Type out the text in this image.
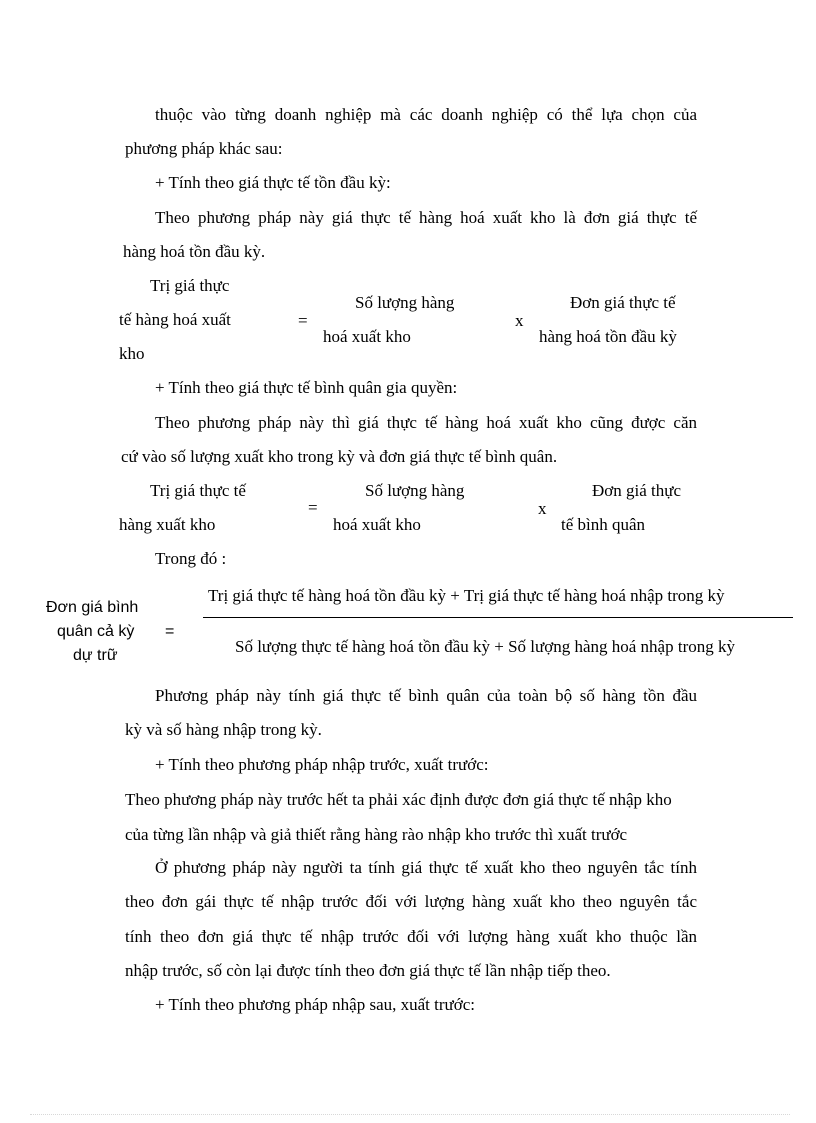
thuộc vào từng doanh nghiệp mà các doanh nghiệp có thể lựa chọn của
phương pháp khác sau:
+ Tính theo giá thực tế tồn đầu kỳ:
Theo phương pháp này giá thực tế hàng hoá xuất kho là đơn giá thực tế
hàng hoá tồn đầu kỳ.
Trị giá thực
tế hàng hoá xuất
kho
=
Số lượng hàng
hoá xuất kho
x
Đơn giá thực tế
hàng hoá tồn đầu kỳ
+ Tính theo giá thực tế bình quân gia quyền:
Theo phương pháp này thì giá thực tế hàng hoá xuất kho cũng được căn
cứ vào số lượng xuất kho trong kỳ và đơn giá thực tế bình quân.
Trị giá thực tế
hàng xuất kho
=
Số lượng hàng
hoá xuất kho
x
Đơn giá thực
tế bình quân
Trong đó :
Đơn giá bình
quân cả kỳ
dự trữ
=
Trị giá thực tế hàng hoá tồn đầu kỳ + Trị giá thực tế hàng hoá nhập trong kỳ
Số lượng thực tế hàng hoá tồn đầu kỳ + Số lượng hàng hoá nhập trong kỳ
Phương pháp này tính giá thực tế bình quân của toàn bộ số hàng tồn đầu
kỳ và số hàng nhập trong kỳ.
+ Tính theo phương pháp nhập trước, xuất trước:
Theo phương pháp này trước hết ta phải xác định được đơn giá thực tế nhập kho
của từng lần nhập và giả thiết rằng hàng rào nhập kho trước thì xuất trước
Ở phương pháp này người ta tính giá thực tế xuất kho theo nguyên tắc tính
theo đơn gái thực tế nhập trước đối với lượng hàng xuất kho theo nguyên tắc
tính theo đơn giá thực tế nhập trước đối với lượng hàng xuất kho thuộc lần
nhập trước, số còn lại được tính theo đơn giá thực tế lần nhập tiếp theo.
+ Tính theo phương pháp nhập sau, xuất trước:
